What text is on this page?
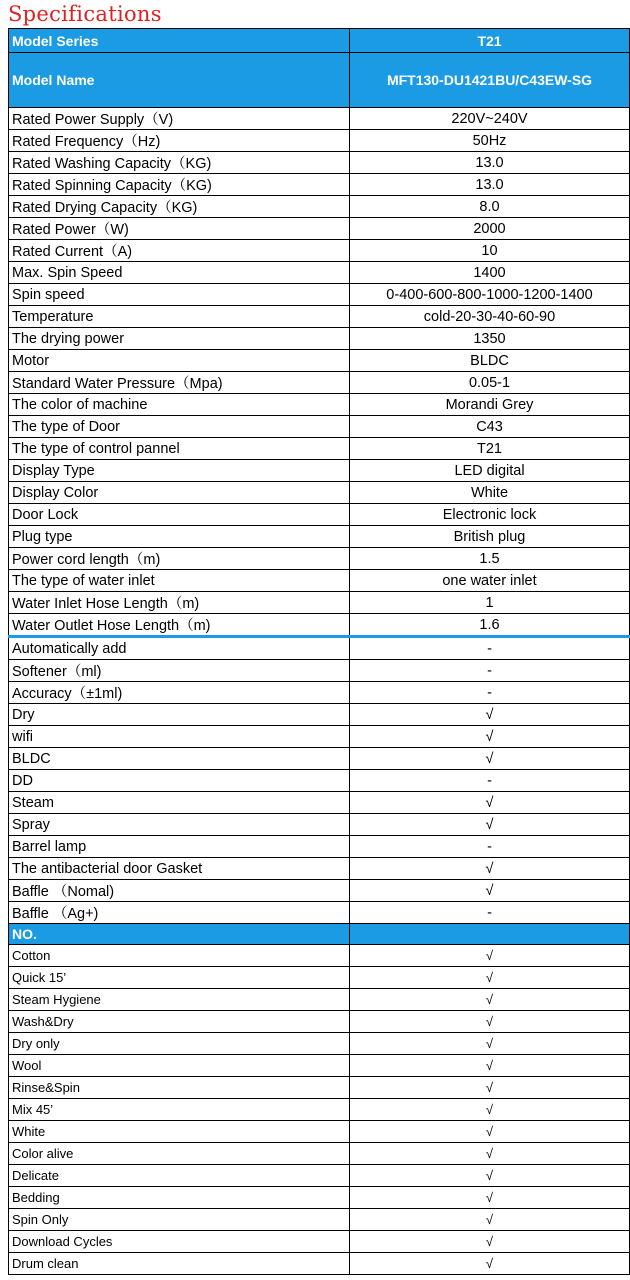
Specifications
Model Series	T21
Model Name	MFT130-DU1421BU/C43EW-SG
Rated Power Supply（V)	220V~240V
Rated Frequency（Hz)	50Hz
Rated Washing Capacity（KG)	13.0
Rated Spinning Capacity（KG)	13.0
Rated Drying Capacity（KG)	8.0
Rated Power（W)	2000
Rated Current（A)	10
Max. Spin Speed	1400
Spin speed	0-400-600-800-1000-1200-1400
Temperature	cold-20-30-40-60-90
The drying power	1350
Motor	BLDC
Standard Water Pressure（Mpa)	0.05-1
The color of machine	Morandi Grey
The type of Door	C43
The type of control pannel	T21
Display Type	LED digital
Display Color	White
Door Lock	Electronic lock
Plug type	British plug
Power cord length（m)	1.5
The type of water inlet	one water inlet
Water Inlet Hose Length（m)	1
Water Outlet Hose Length（m)	1.6
Automatically add	-
Softener（ml)	-
Accuracy（±1ml)	-
Dry	√
wifi	√
BLDC	√
DD	-
Steam	√
Spray	√
Barrel lamp	-
The antibacterial door Gasket	√
Baffle （Nomal)	√
Baffle （Ag+)	-
NO.	
Cotton	√
Quick 15’	√
Steam Hygiene	√
Wash&Dry	√
Dry only	√
Wool	√
Rinse&Spin	√
Mix 45’	√
White	√
Color alive	√
Delicate	√
Bedding	√
Spin Only	√
Download Cycles	√
Drum clean	√
